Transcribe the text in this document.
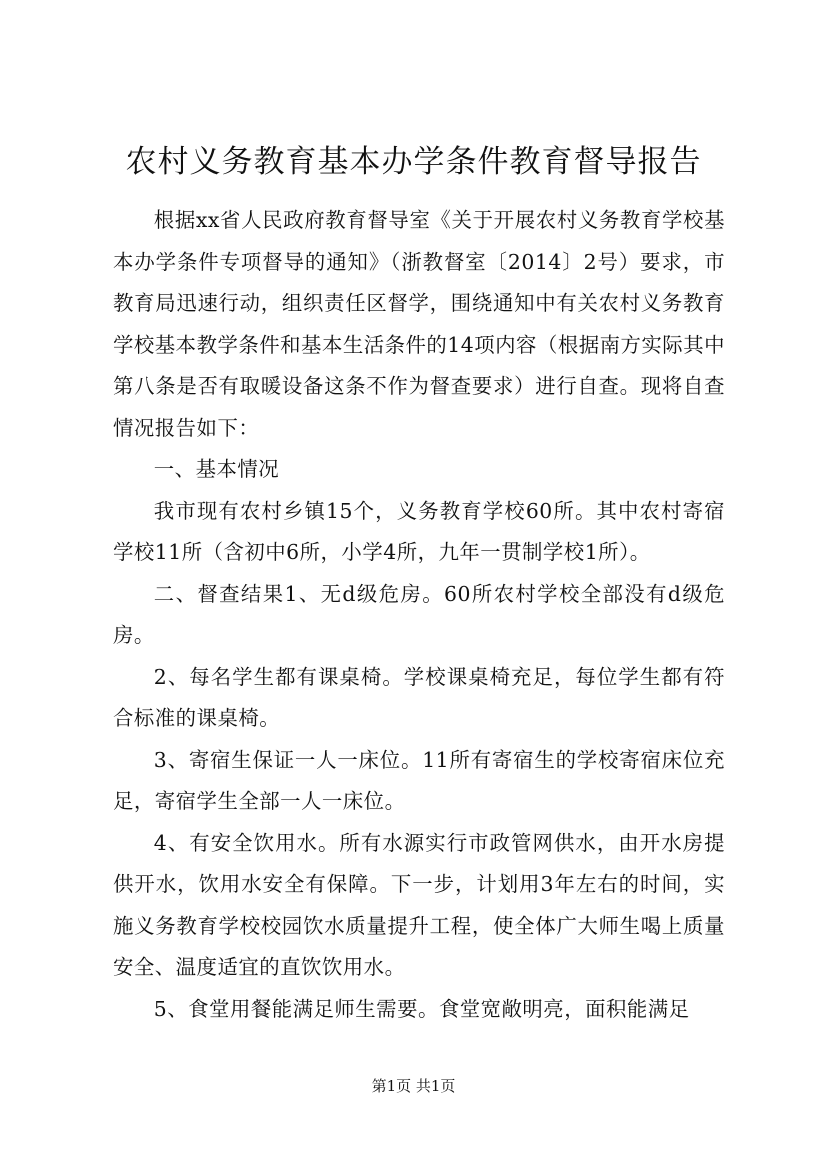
农村义务教育基本办学条件教育督导报告

根据xx省人民政府教育督导室《关于开展农村义务教育学校基本办学条件专项督导的通知》（浙教督室〔2014〕2号）要求，市教育局迅速行动，组织责任区督学，围绕通知中有关农村义务教育学校基本教学条件和基本生活条件的14项内容（根据南方实际其中第八条是否有取暖设备这条不作为督查要求）进行自查。现将自查情况报告如下：

一、基本情况

我市现有农村乡镇15个，义务教育学校60所。其中农村寄宿学校11所（含初中6所，小学4所，九年一贯制学校1所）。

二、督查结果1、无d级危房。60所农村学校全部没有d级危房。

2、每名学生都有课桌椅。学校课桌椅充足，每位学生都有符合标准的课桌椅。

3、寄宿生保证一人一床位。11所有寄宿生的学校寄宿床位充足，寄宿学生全部一人一床位。

4、有安全饮用水。所有水源实行市政管网供水，由开水房提供开水，饮用水安全有保障。下一步，计划用3年左右的时间，实施义务教育学校校园饮水质量提升工程，使全体广大师生喝上质量安全、温度适宜的直饮饮用水。

5、食堂用餐能满足师生需要。食堂宽敞明亮，面积能满足

第1页 共1页
